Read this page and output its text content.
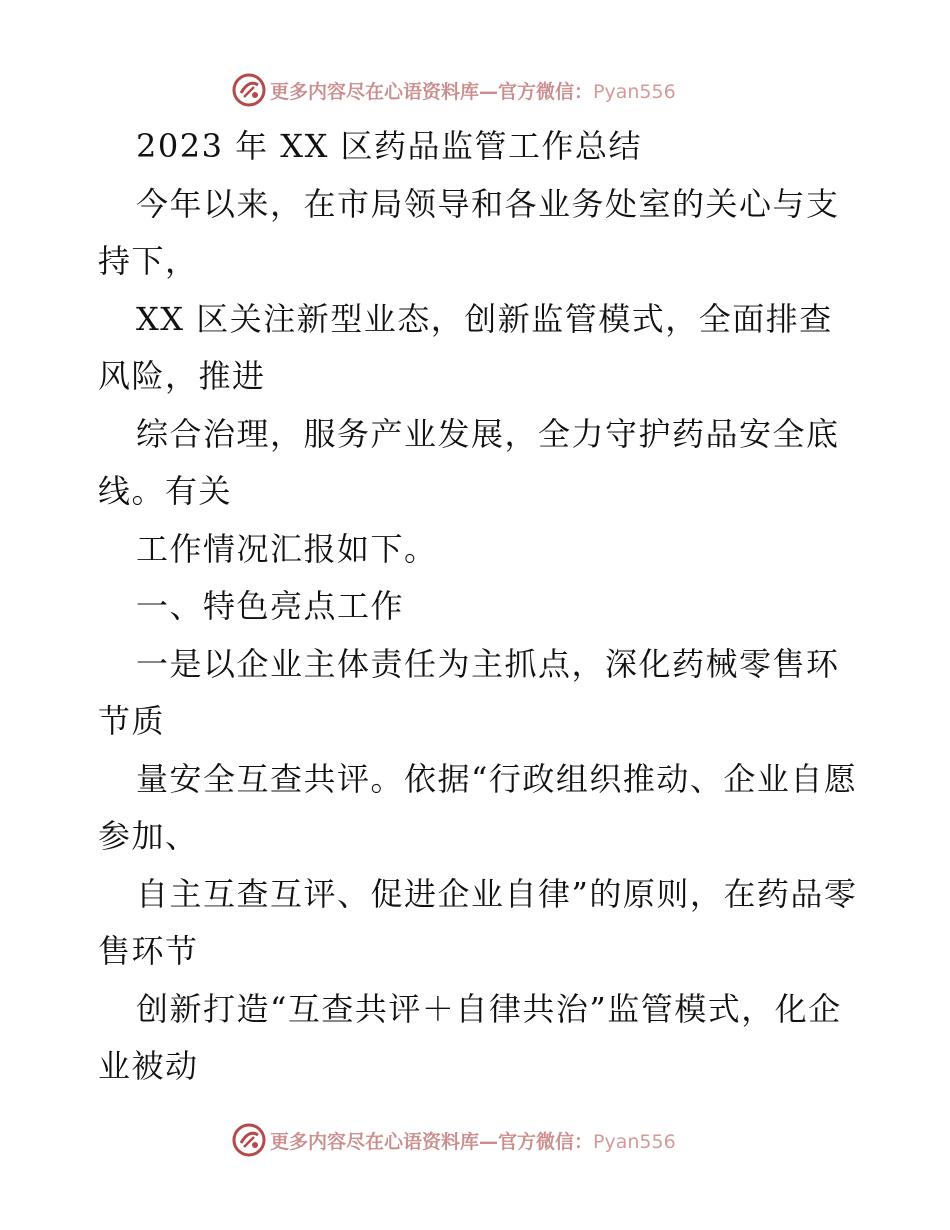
更多内容尽在心语资料库—官方微信：Pyan556

2023 年 XX 区药品监管工作总结

今年以来，在市局领导和各业务处室的关心与支持下，

XX 区关注新型业态，创新监管模式，全面排查风险，推进

综合治理，服务产业发展，全力守护药品安全底线。有关

工作情况汇报如下。

一、特色亮点工作

一是以企业主体责任为主抓点，深化药械零售环节质

量安全互查共评。依据“行政组织推动、企业自愿参加、

自主互查互评、促进企业自律”的原则，在药品零售环节

创新打造“互查共评＋自律共治”监管模式，化企业被动

更多内容尽在心语资料库—官方微信：Pyan556
